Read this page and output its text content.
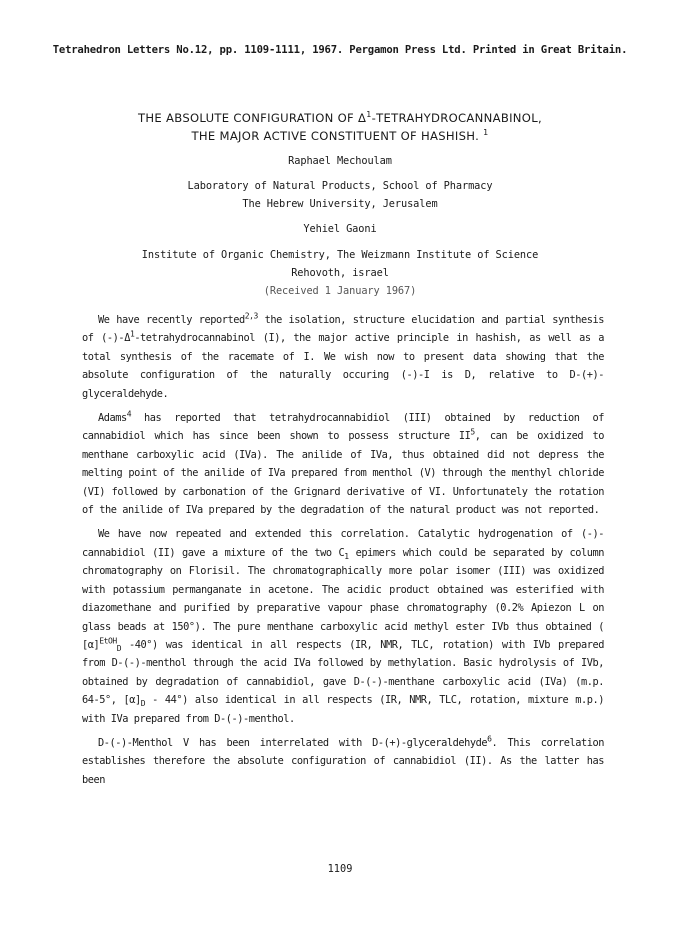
Tetrahedron Letters No.12, pp. 1109-1111, 1967. Pergamon Press Ltd. Printed in Great Britain.
THE ABSOLUTE CONFIGURATION OF $\Delta^1$-TETRAHYDROCANNABINOL,
THE MAJOR ACTIVE CONSTITUENT OF HASHISH. $^1$
Raphael Mechoulam
Laboratory of Natural Products, School of Pharmacy
The Hebrew University, Jerusalem
Yehiel Gaoni
Institute of Organic Chemistry, The Weizmann Institute of Science
Rehovoth, israel
(Received 1 January 1967)

We have recently reported$^{2,3}$ the isolation, structure elucidation and partial synthesis of $(-)-\Delta^1$-tetrahydrocannabinol (I), the major active principle in hashish, as well as a total synthesis of the racemate of I. We wish now to present data showing that the absolute configuration of the naturally occuring (-)-I is D, relative to D-(+)-glyceraldehyde.

Adams$^4$ has reported that tetrahydrocannabidiol (III) obtained by reduction of cannabidiol which has since been shown to possess structure $II^5$, can be oxidized to menthane carboxylic acid (IVa). The anilide of IVa, thus obtained did not depress the melting point of the anilide of IVa prepared from menthol (V) through the menthyl chloride (VI) followed by carbonation of the Grignard derivative of VI. Unfortunately the rotation of the anilide of IVa prepared by the degradation of the natural product was not reported.

We have now repeated and extended this correlation. Catalytic hydrogenation of (-)-cannabidiol (II) gave a mixture of the two $C_1$ epimers which could be separated by column chromatography on Florisil. The chromatographically more polar isomer (III) was oxidized with potassium permanganate in acetone. The acidic product obtained was esterified with diazomethane and purified by preparative vapour phase chromatography (0.2% Apiezon L on glass beads at 150°). The pure menthane carboxylic acid methyl ester IVb thus obtained ( $[\alpha]^{EtOH}_D$ -40°) was identical in all respects (IR, NMR, TLC, rotation) with IVb prepared from D-(-)-menthol through the acid IVa followed by methylation. Basic hydrolysis of IVb, obtained by degradation of cannabidiol, gave D-(-)-menthane carboxylic acid (IVa) (m.p. 64-5°, $[\alpha]_D - 44^\circ$) also identical in all respects (IR, NMR, TLC, rotation, mixture m.p.) with IVa prepared from D-(-)-menthol.

D-(-)-Menthol V has been interrelated with D-(+)-glyceraldehyde$^6$. This correlation establishes therefore the absolute configuration of cannabidiol (II). As the latter has been

1109
